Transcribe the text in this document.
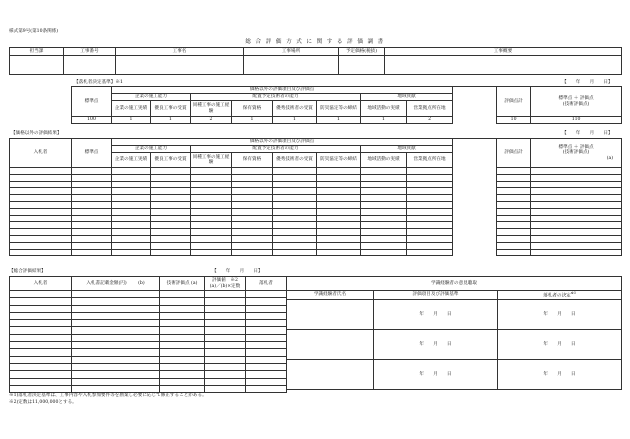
様式第9号(第10条関係)
総 合 評 価 方 式 に 関 す る 評 価 調 書
担当課	工事番号	工事名	工事場所	予定価格(税抜)	工事概要

【落札者決定基準】※1	【　　年　　月　　日】
標準点	価格以外の評価項目及び評価点									評価点計	標準点 ＋ 評価点
(技術評価点)

	企業の施工能力		配置予定技術者の能力				地域貢献				
	企業の施工実績	優良工事の受賞	同種工事の施工経験	保有資格	優秀技術者の受賞	防災協定等の締結	地域活動の実績	営業拠点所在地			
100	1	1	2	1	1	1	1	2		10	110
【価格以外の評価結果】	【　　年　　月　　日】
入札者	標準点	価格以外の評価項目及び評価点									評価点計	標準点 ＋ 評価点
(技術評価点)
(a)

		企業の施工能力		配置予定技術者の能力				地域貢献				
		企業の施工実績	優良工事の受賞	同種工事の施工経験	保有資格	優秀技術者の受賞	防災協定等の締結	地域活動の実績	営業拠点所在地			

【総合評価結果】	【　　年　　月　　日】
入札者	入札書記載金額(円) (b)	技術評価点 (a)	評価値　※2
(a)／(b)×定数	落札者

					学識経験者の意見聴取		
学識経験者氏名	評価項目及び評価基準	落札者の決定$^{※3}$
	年　　月　　日	年　　月　　日
	年　　月　　日	年　　月　　日
	年　　月　　日	年　　月　　日
※1)落札者決定基準は、工事内容や入札参加要件等を勘案し必要に応じて修正することがある。
※2)定数は11,000,000とする。
